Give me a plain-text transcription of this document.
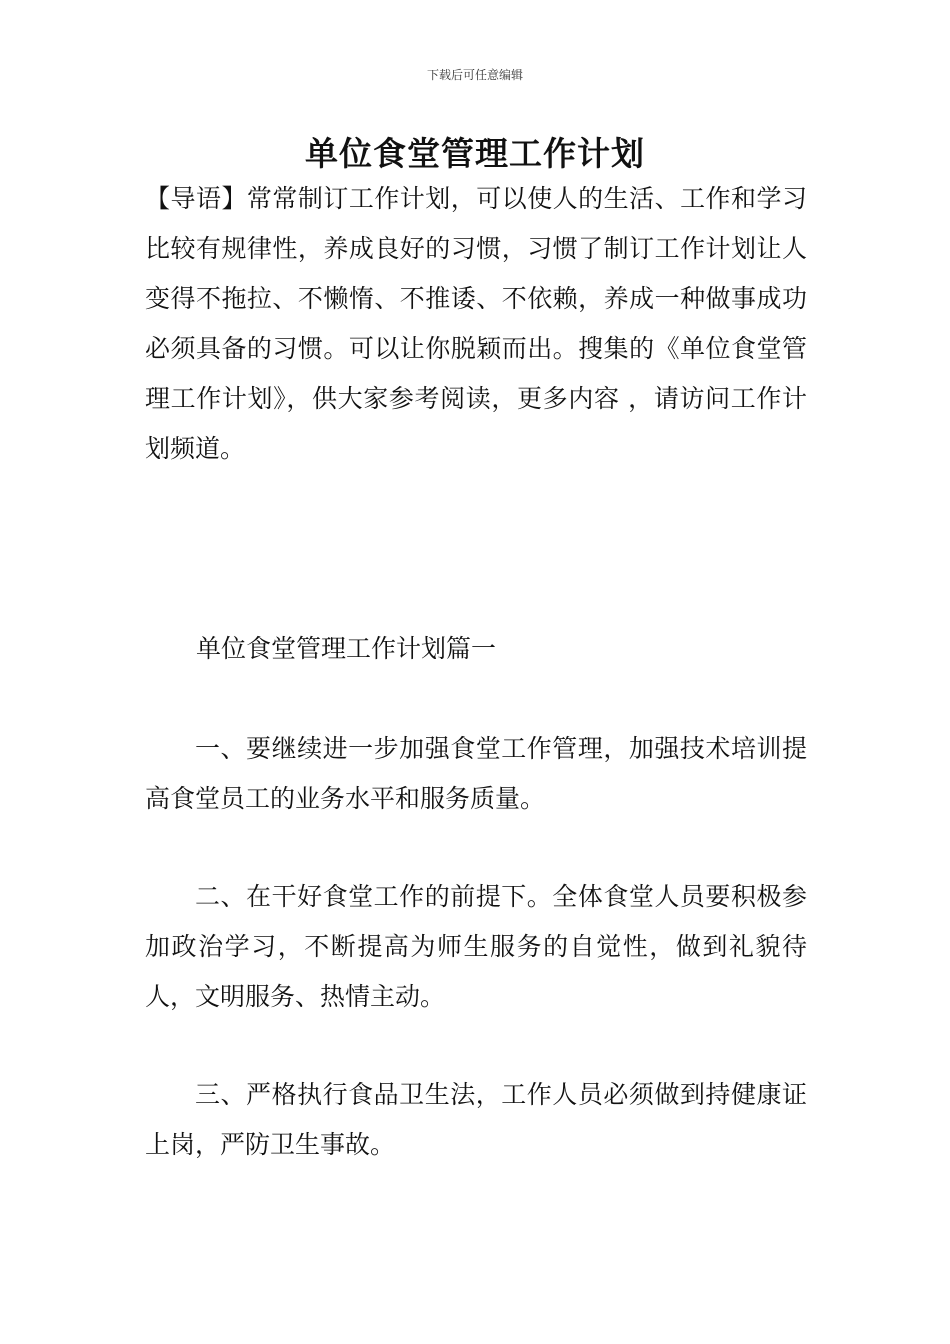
下载后可任意编辑
单位食堂管理工作计划

【导语】常常制订工作计划，可以使人的生活、工作和学习比较有规律性，养成良好的习惯，习惯了制订工作计划让人变得不拖拉、不懒惰、不推诿、不依赖，养成一种做事成功必须具备的习惯。可以让你脱颖而出。搜集的《单位食堂管理工作计划》，供大家参考阅读，更多内容 ，请访问工作计划频道。

单位食堂管理工作计划篇一

一、要继续进一步加强食堂工作管理，加强技术培训提高食堂员工的业务水平和服务质量。

二、在干好食堂工作的前提下。全体食堂人员要积极参加政治学习，不断提高为师生服务的自觉性，做到礼貌待人，文明服务、热情主动。

三、严格执行食品卫生法，工作人员必须做到持健康证上岗，严防卫生事故。
